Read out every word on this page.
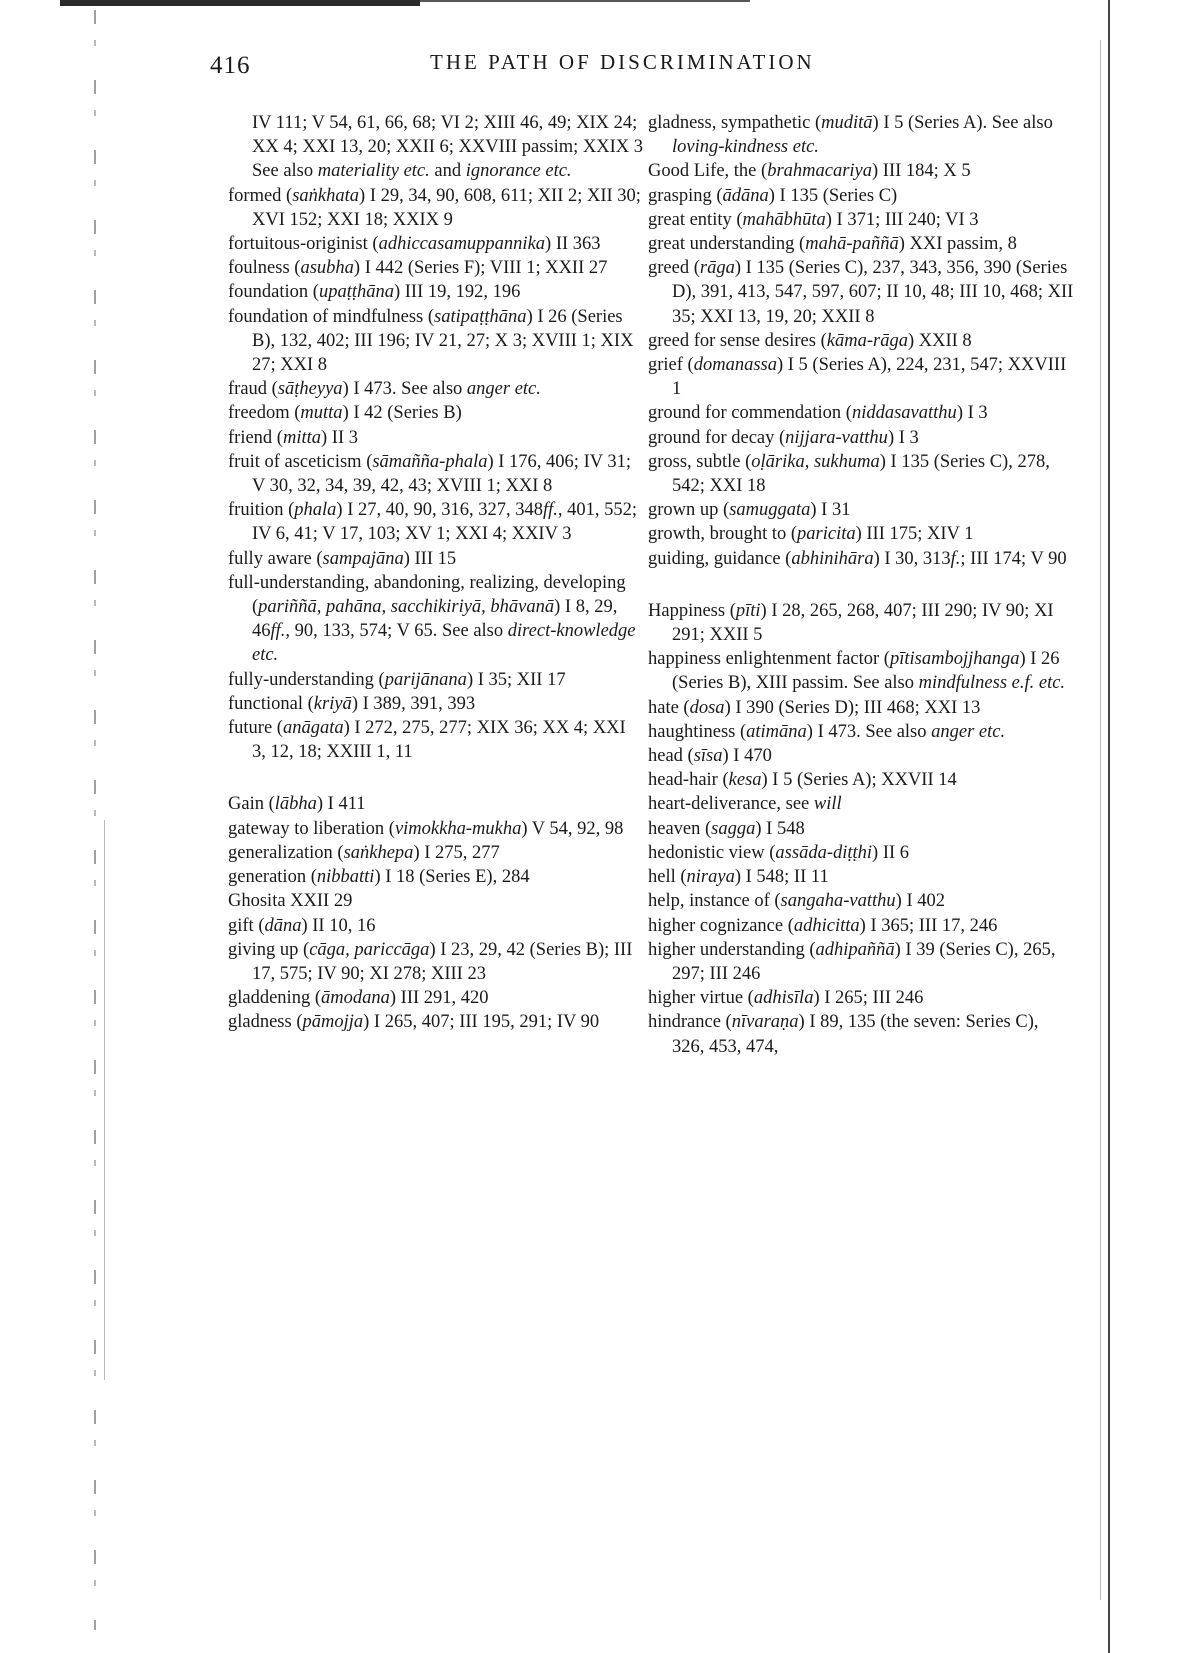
416	THE PATH OF DISCRIMINATION
IV 111; V 54, 61, 66, 68; VI 2; XIII 46, 49; XIX 24; XX 4; XXI 13, 20; XXII 6; XXVIII passim; XXIX 3 See also materiality etc. and ignorance etc.
formed (saṅkhata) I 29, 34, 90, 608, 611; XII 2; XII 30; XVI 152; XXI 18; XXIX 9
fortuitous-originist (adhiccasamuppannika) II 363
foulness (asubha) I 442 (Series F); VIII 1; XXII 27
foundation (upaṭṭhāna) III 19, 192, 196
foundation of mindfulness (satipaṭṭhāna) I 26 (Series B), 132, 402; III 196; IV 21, 27; X 3; XVIII 1; XIX 27; XXI 8
fraud (sāṭheyya) I 473. See also anger etc.
freedom (mutta) I 42 (Series B)
friend (mitta) II 3
fruit of asceticism (sāmañña-phala) I 176, 406; IV 31; V 30, 32, 34, 39, 42, 43; XVIII 1; XXI 8
fruition (phala) I 27, 40, 90, 316, 327, 348ff., 401, 552; IV 6, 41; V 17, 103; XV 1; XXI 4; XXIV 3
fully aware (sampajāna) III 15
full-understanding, abandoning, realizing, developing (pariññā, pahāna, sacchikiriyā, bhāvanā) I 8, 29, 46ff., 90, 133, 574; V 65. See also direct-knowledge etc.
fully-understanding (parijānana) I 35; XII 17
functional (kriyā) I 389, 391, 393
future (anāgata) I 272, 275, 277; XIX 36; XX 4; XXI 3, 12, 18; XXIII 1, 11
Gain (lābha) I 411
gateway to liberation (vimokkha-mukha) V 54, 92, 98
generalization (saṅkhepa) I 275, 277
generation (nibbatti) I 18 (Series E), 284
Ghosita XXII 29
gift (dāna) II 10, 16
giving up (cāga, pariccāga) I 23, 29, 42 (Series B); III 17, 575; IV 90; XI 278; XIII 23
gladdening (āmodana) III 291, 420
gladness (pāmojja) I 265, 407; III 195, 291; IV 90
gladness, sympathetic (muditā) I 5 (Series A). See also loving-kindness etc.
Good Life, the (brahmacariya) III 184; X 5
grasping (ādāna) I 135 (Series C)
great entity (mahābhūta) I 371; III 240; VI 3
great understanding (mahā-paññā) XXI passim, 8
greed (rāga) I 135 (Series C), 237, 343, 356, 390 (Series D), 391, 413, 547, 597, 607; II 10, 48; III 10, 468; XII 35; XXI 13, 19, 20; XXII 8
greed for sense desires (kāma-rāga) XXII 8
grief (domanassa) I 5 (Series A), 224, 231, 547; XXVIII 1
ground for commendation (niddasavatthu) I 3
ground for decay (nijjara-vatthu) I 3
gross, subtle (oḷārika, sukhuma) I 135 (Series C), 278, 542; XXI 18
grown up (samuggata) I 31
growth, brought to (paricita) III 175; XIV 1
guiding, guidance (abhinihāra) I 30, 313f.; III 174; V 90
Happiness (pīti) I 28, 265, 268, 407; III 290; IV 90; XI 291; XXII 5
happiness enlightenment factor (pītisambojjhanga) I 26 (Series B), XIII passim. See also mindfulness e.f. etc.
hate (dosa) I 390 (Series D); III 468; XXI 13
haughtiness (atimāna) I 473. See also anger etc.
head (sīsa) I 470
head-hair (kesa) I 5 (Series A); XXVII 14
heart-deliverance, see will
heaven (sagga) I 548
hedonistic view (assāda-diṭṭhi) II 6
hell (niraya) I 548; II 11
help, instance of (sangaha-vatthu) I 402
higher cognizance (adhicitta) I 365; III 17, 246
higher understanding (adhipaññā) I 39 (Series C), 265, 297; III 246
higher virtue (adhisīla) I 265; III 246
hindrance (nīvaraṇa) I 89, 135 (the seven: Series C), 326, 453, 474,
